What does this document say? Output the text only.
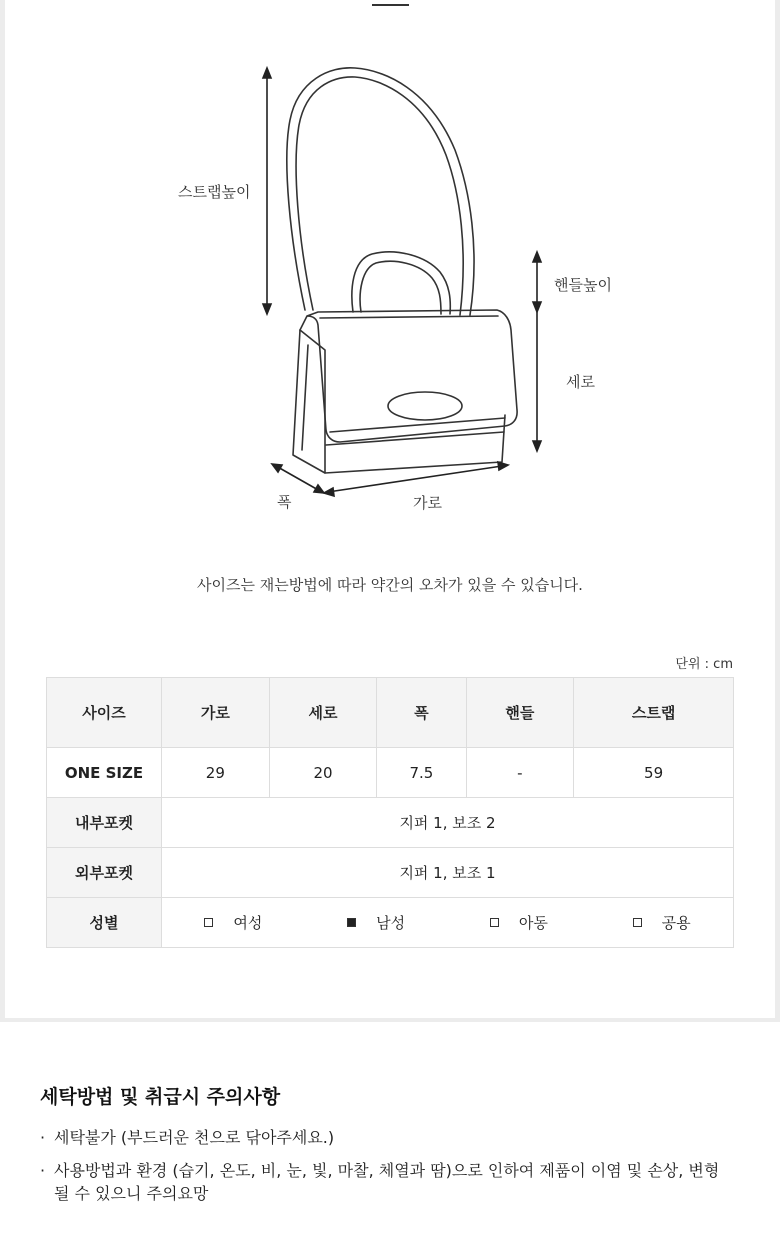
스트랩높이
핸들높이
세로
폭	가로
사이즈는 재는방법에 따라 약간의 오차가 있을 수 있습니다.
단위 : cm
사이즈	가로	세로	폭	핸들	스트랩
ONE SIZE	29	20	7.5	-	59
내부포켓	지퍼 1, 보조 2				
외부포켓	지퍼 1, 보조 1				
성별	여성 남성 아동 공용				
세탁방법 및 취급시 주의사항
· 세탁불가 (부드러운 천으로 닦아주세요.)
· 사용방법과 환경 (습기, 온도, 비, 눈, 빛, 마찰, 체열과 땀)으로 인하여 제품이 이염 및 손상, 변형될 수 있으니 주의요망
